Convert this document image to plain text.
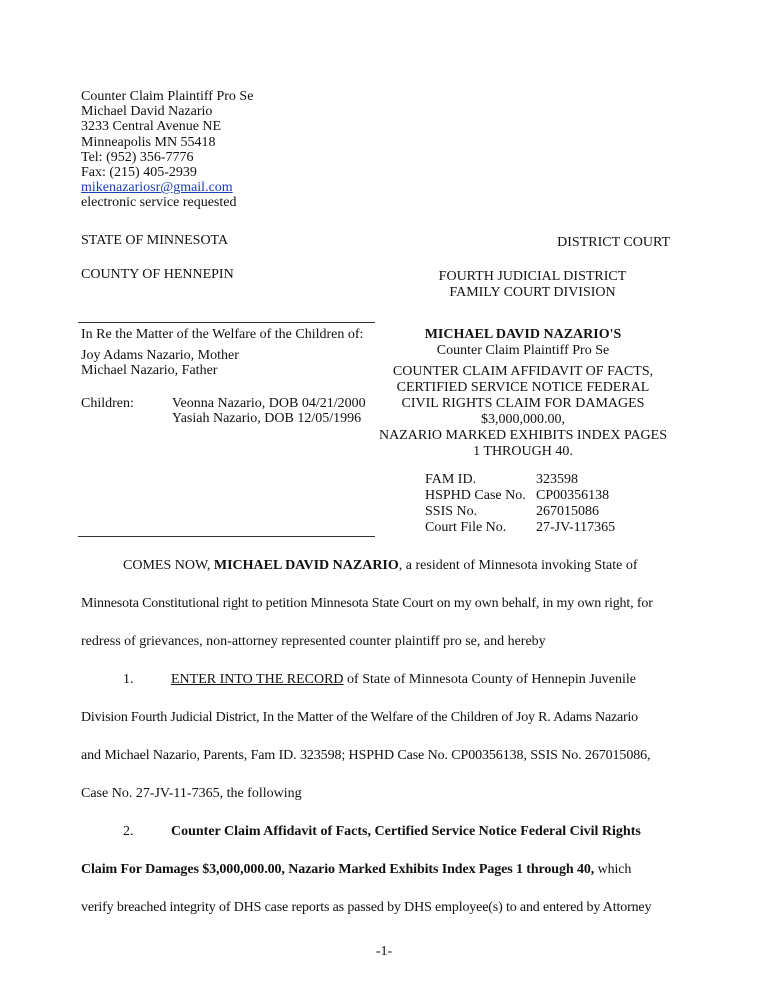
Counter Claim Plaintiff Pro Se
Michael David Nazario
3233 Central Avenue NE
Minneapolis MN 55418
Tel: (952) 356-7776
Fax: (215) 405-2939
mikenazariosr@gmail.com
electronic service requested
STATE OF MINNESOTA	DISTRICT COURT
COUNTY OF HENNEPIN	FOURTH JUDICIAL DISTRICT
FAMILY COURT DIVISION
In Re the Matter of the Welfare of the Children of:
Joy Adams Nazario, Mother
Michael Nazario, Father
Children:	Veonna Nazario, DOB 04/21/2000
Yasiah Nazario, DOB 12/05/1996
MICHAEL DAVID NAZARIO'S
Counter Claim Plaintiff Pro Se
COUNTER CLAIM AFFIDAVIT OF FACTS,
CERTIFIED SERVICE NOTICE FEDERAL
CIVIL RIGHTS CLAIM FOR DAMAGES
$3,000,000.00,
NAZARIO MARKED EXHIBITS INDEX PAGES
1 THROUGH 40.
FAM ID.	323598
HSPHD Case No.	CP00356138
SSIS No.	267015086
Court File No.	27-JV-117365
COMES NOW, MICHAEL DAVID NAZARIO, a resident of Minnesota invoking State of
Minnesota Constitutional right to petition Minnesota State Court on my own behalf, in my own right, for
redress of grievances, non-attorney represented counter plaintiff pro se, and hereby
1.	ENTER INTO THE RECORD of State of Minnesota County of Hennepin Juvenile
Division Fourth Judicial District, In the Matter of the Welfare of the Children of Joy R. Adams Nazario
and Michael Nazario, Parents, Fam ID. 323598; HSPHD Case No. CP00356138, SSIS No. 267015086,
Case No. 27-JV-11-7365, the following
2.	Counter Claim Affidavit of Facts, Certified Service Notice Federal Civil Rights
Claim For Damages $3,000,000.00, Nazario Marked Exhibits Index Pages 1 through 40, which
verify breached integrity of DHS case reports as passed by DHS employee(s) to and entered by Attorney
-1-
